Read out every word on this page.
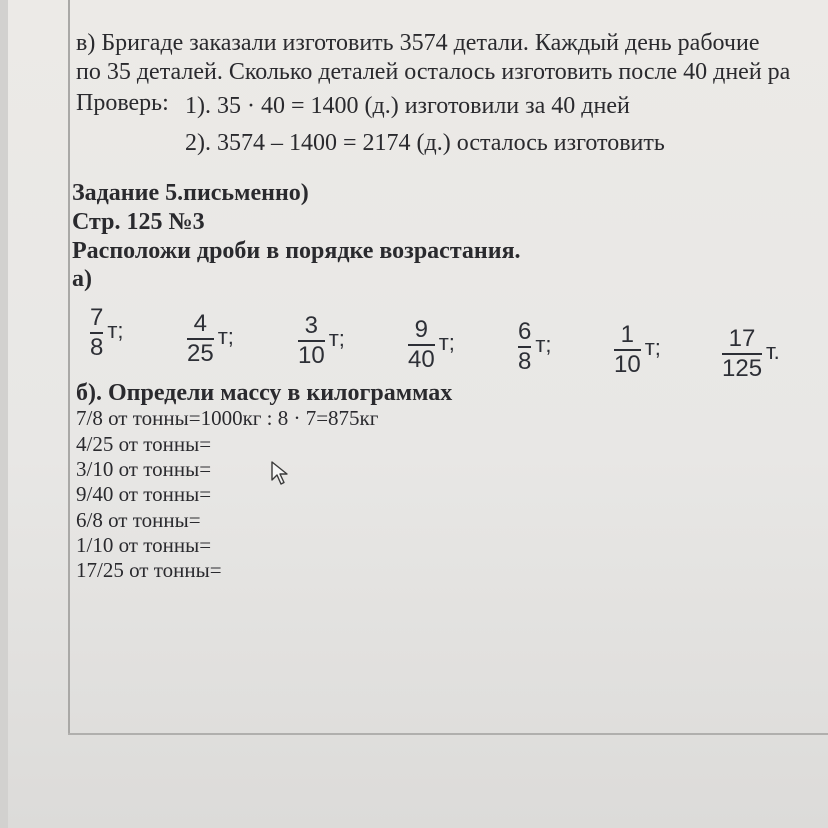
в) Бригаде заказали изготовить 3574 детали. Каждый день рабочие
по 35 деталей. Сколько деталей осталось изготовить после 40 дней ра
Проверь: 1). 35 · 40 = 1400 (д.) изготовили за 40 дней
2). 3574 – 1400 = 2174 (д.) осталось изготовить
Задание 5.письменно)
Стр. 125 №3
Расположи дроби в порядке возрастания.
а)
$\frac{7}{8} т$;	$\frac{4}{25} т$;	$\frac{3}{10} т$;	$\frac{9}{40} т$;	$\frac{6}{8} т$;	$\frac{1}{10} т$;	$\frac{17}{125} т$.
б). Определи массу в килограммах
7/8 от тонны=1000кг : 8 · 7=875кг
4/25 от тонны=
3/10 от тонны=
9/40 от тонны=
6/8 от тонны=
1/10 от тонны=
17/25 от тонны=
